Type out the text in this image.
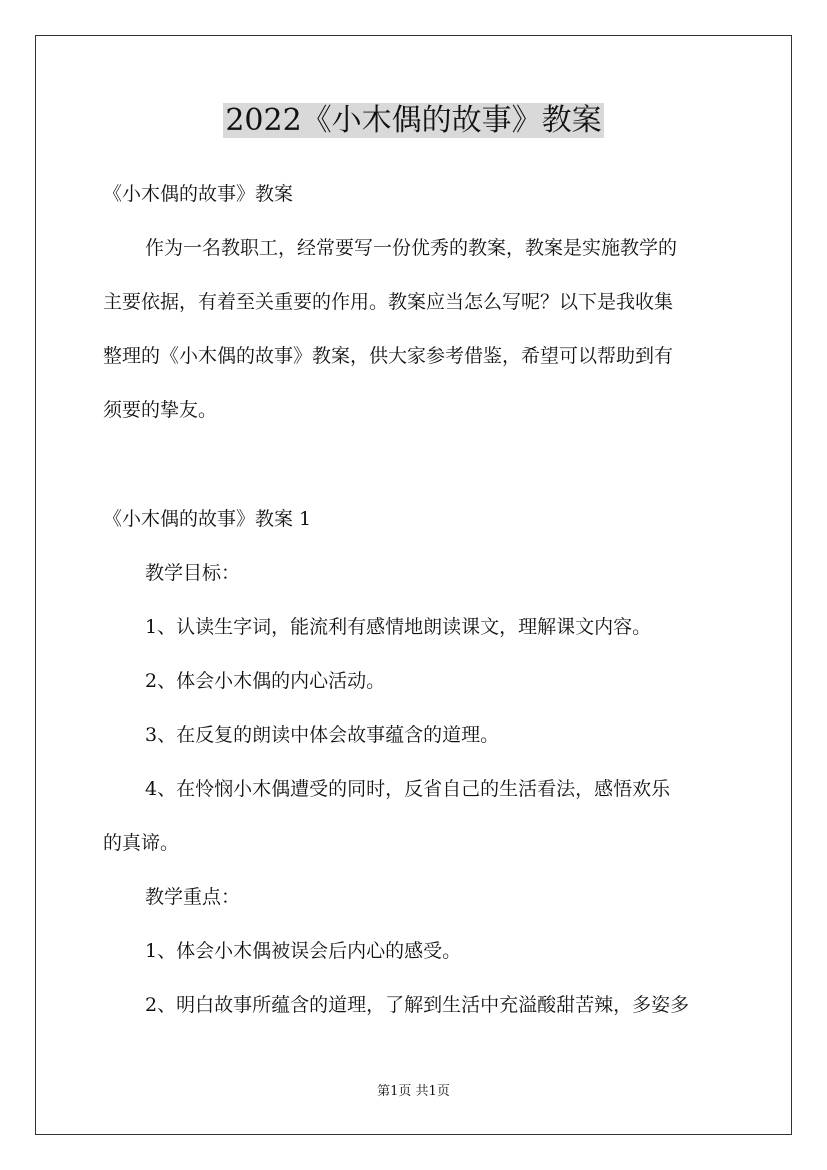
2022《小木偶的故事》教案
《小木偶的故事》教案
作为一名教职工，经常要写一份优秀的教案，教案是实施教学的
主要依据，有着至关重要的作用。教案应当怎么写呢？以下是我收集
整理的《小木偶的故事》教案，供大家参考借鉴，希望可以帮助到有
须要的挚友。
《小木偶的故事》教案 1
教学目标：
1、认读生字词，能流利有感情地朗读课文，理解课文内容。
2、体会小木偶的内心活动。
3、在反复的朗读中体会故事蕴含的道理。
4、在怜悯小木偶遭受的同时，反省自己的生活看法，感悟欢乐
的真谛。
教学重点：
1、体会小木偶被误会后内心的感受。
2、明白故事所蕴含的道理，了解到生活中充溢酸甜苦辣，多姿多
第1页 共1页
